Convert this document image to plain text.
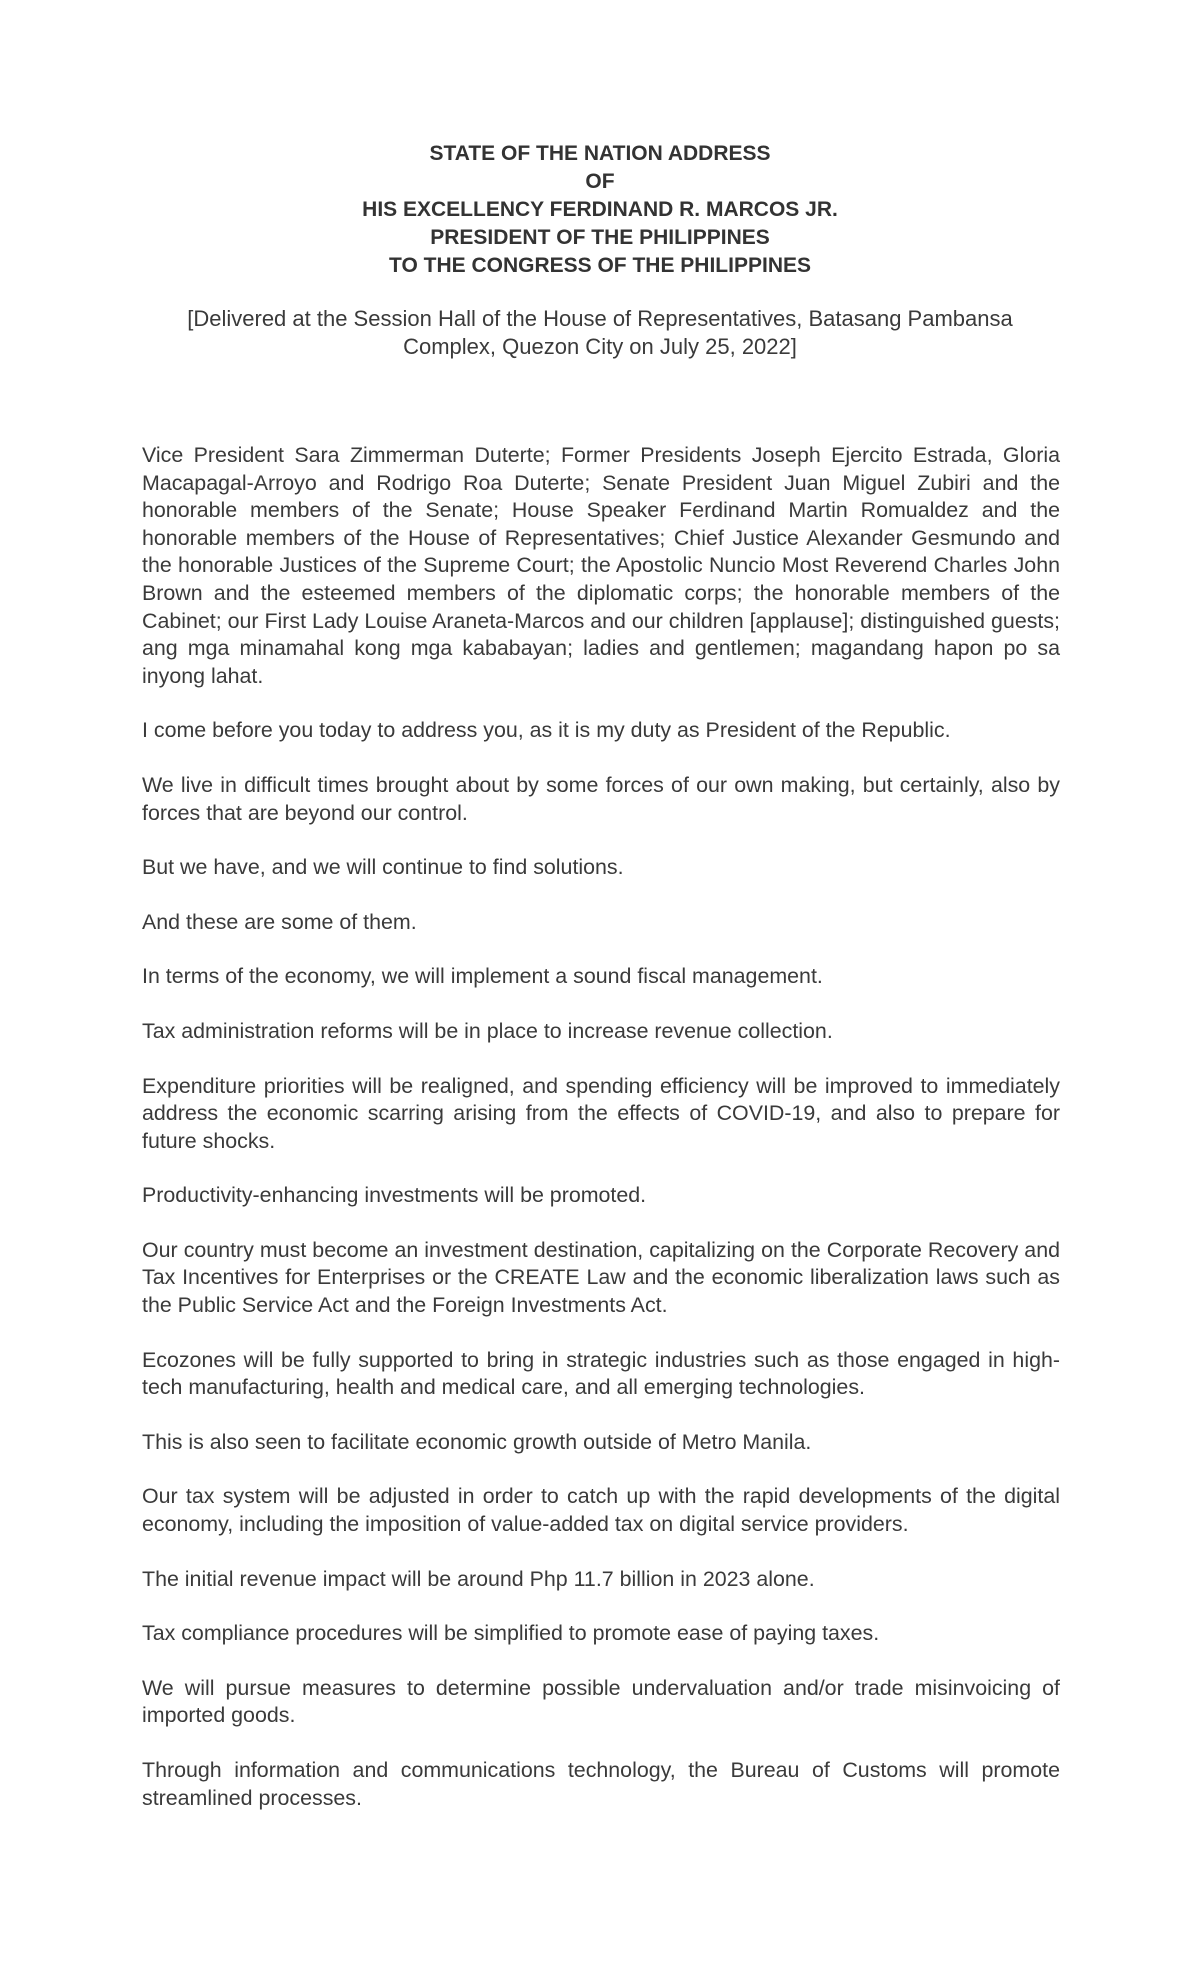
STATE OF THE NATION ADDRESS
OF
HIS EXCELLENCY FERDINAND R. MARCOS JR.
PRESIDENT OF THE PHILIPPINES
TO THE CONGRESS OF THE PHILIPPINES
[Delivered at the Session Hall of the House of Representatives, Batasang Pambansa Complex, Quezon City on July 25, 2022]

Vice President Sara Zimmerman Duterte; Former Presidents Joseph Ejercito Estrada, Gloria Macapagal-Arroyo and Rodrigo Roa Duterte; Senate President Juan Miguel Zubiri and the honorable members of the Senate; House Speaker Ferdinand Martin Romualdez and the honorable members of the House of Representatives; Chief Justice Alexander Gesmundo and the honorable Justices of the Supreme Court; the Apostolic Nuncio Most Reverend Charles John Brown and the esteemed members of the diplomatic corps; the honorable members of the Cabinet; our First Lady Louise Araneta-Marcos and our children [applause]; distinguished guests; ang mga minamahal kong mga kababayan; ladies and gentlemen; magandang hapon po sa inyong lahat.

I come before you today to address you, as it is my duty as President of the Republic.

We live in difficult times brought about by some forces of our own making, but certainly, also by forces that are beyond our control.

But we have, and we will continue to find solutions.

And these are some of them.

In terms of the economy, we will implement a sound fiscal management.

Tax administration reforms will be in place to increase revenue collection.

Expenditure priorities will be realigned, and spending efficiency will be improved to immediately address the economic scarring arising from the effects of COVID-19, and also to prepare for future shocks.

Productivity-enhancing investments will be promoted.

Our country must become an investment destination, capitalizing on the Corporate Recovery and Tax Incentives for Enterprises or the CREATE Law and the economic liberalization laws such as the Public Service Act and the Foreign Investments Act.

Ecozones will be fully supported to bring in strategic industries such as those engaged in high-tech manufacturing, health and medical care, and all emerging technologies.

This is also seen to facilitate economic growth outside of Metro Manila.

Our tax system will be adjusted in order to catch up with the rapid developments of the digital economy, including the imposition of value-added tax on digital service providers.

The initial revenue impact will be around Php 11.7 billion in 2023 alone.

Tax compliance procedures will be simplified to promote ease of paying taxes.

We will pursue measures to determine possible undervaluation and/or trade misinvoicing of imported goods.

Through information and communications technology, the Bureau of Customs will promote streamlined processes.
